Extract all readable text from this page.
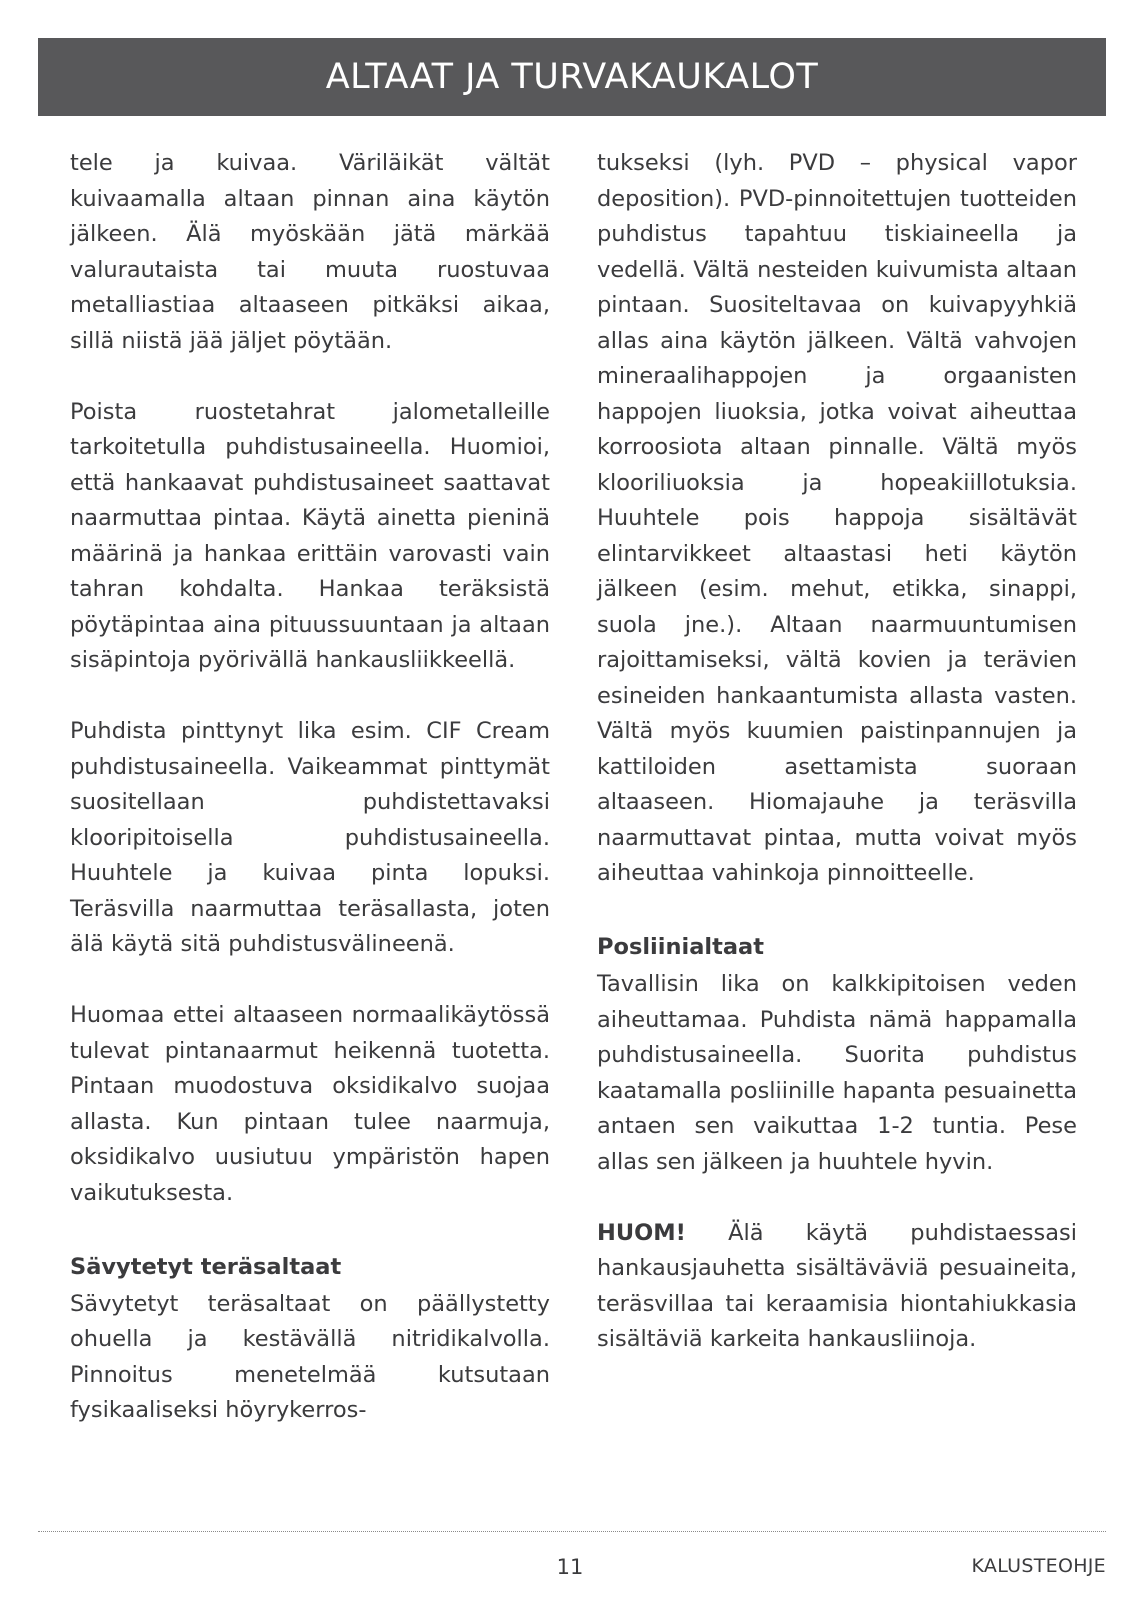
ALTAAT JA TURVAKAUKALOT

tele ja kuivaa. Väriläikät vältät kuivaamalla altaan pinnan aina käytön jälkeen. Älä myöskään jätä märkää valurautaista tai muuta ruostuvaa metalliastiaa altaaseen pitkäksi aikaa, sillä niistä jää jäljet pöytään.

Poista ruostetahrat jalometalleille tarkoitetulla puhdistusaineella. Huomioi, että hankaavat puhdistusaineet saattavat naarmuttaa pintaa. Käytä ainetta pieninä määrinä ja hankaa erittäin varovasti vain tahran kohdalta. Hankaa teräksistä pöytäpintaa aina pituussuuntaan ja altaan sisäpintoja pyörivällä hankausliikkeellä.

Puhdista pinttynyt lika esim. CIF Cream puhdistusaineella. Vaikeammat pinttymät suositellaan puhdistettavaksi klooripitoisella puhdistusaineella. Huuhtele ja kuivaa pinta lopuksi. Teräsvilla naarmuttaa teräsallasta, joten älä käytä sitä puhdistusvälineenä.

Huomaa ettei altaaseen normaalikäytössä tulevat pintanaarmut heikennä tuotetta. Pintaan muodostuva oksidikalvo suojaa allasta. Kun pintaan tulee naarmuja, oksidikalvo uusiutuu ympäristön hapen vaikutuksesta.

Sävytetyt teräsaltaat

Sävytetyt teräsaltaat on päällystetty ohuella ja kestävällä nitridikalvolla. Pinnoitus menetelmää kutsutaan fysikaaliseksi höyrykerros-

tukseksi (lyh. PVD – physical vapor deposition). PVD-pinnoitettujen tuotteiden puhdistus tapahtuu tiskiaineella ja vedellä. Vältä nesteiden kuivumista altaan pintaan. Suositeltavaa on kuivapyyhkiä allas aina käytön jälkeen. Vältä vahvojen mineraalihappojen ja orgaanisten happojen liuoksia, jotka voivat aiheuttaa korroosiota altaan pinnalle. Vältä myös klooriliuoksia ja hopeakiillotuksia. Huuhtele pois happoja sisältävät elintarvikkeet altaastasi heti käytön jälkeen (esim. mehut, etikka, sinappi, suola jne.). Altaan naarmuuntumisen rajoittamiseksi, vältä kovien ja terävien esineiden hankaantumista allasta vasten. Vältä myös kuumien paistinpannujen ja kattiloiden asettamista suoraan altaaseen. Hiomajauhe ja teräsvilla naarmuttavat pintaa, mutta voivat myös aiheuttaa vahinkoja pinnoitteelle.

Posliinialtaat

Tavallisin lika on kalkkipitoisen veden aiheuttamaa. Puhdista nämä happamalla puhdistusaineella. Suorita puhdistus kaatamalla posliinille hapanta pesuainetta antaen sen vaikuttaa 1-2 tuntia. Pese allas sen jälkeen ja huuhtele hyvin.

HUOM! Älä käytä puhdistaessasi hankausjauhetta sisältäväviä pesuaineita, teräsvillaa tai keraamisia hiontahiukkasia sisältäviä karkeita hankausliinoja.

11	KALUSTEOHJE
